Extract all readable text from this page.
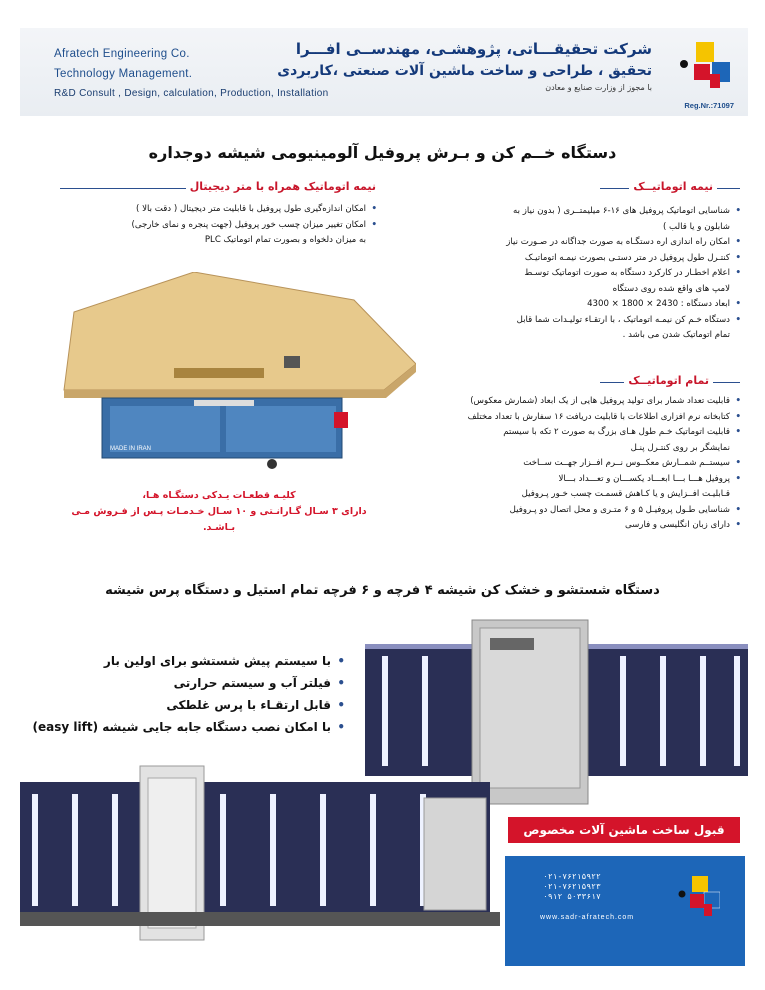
Afratech Engineering Co.
Technology Management.
R&D Consult , Design, calculation, Production, Installation
شرکت تحقیقـــاتی، پژوهشـی، مهندســی افـــرا
تحقیق ، طراحی و ساخت ماشین آلات صنعتی ،کاربردی
با مجوز از وزارت صنایع و معادن
Reg.Nr.:71097
دستگاه خــم کن و بـرش پروفیل آلومینیومی شیشه دوجداره
نیمه اتوماتیــک
• شناسایی اتوماتیک پروفیل های ۱۶-۶ میلیمتــری ( بدون نیاز به
شابلون و یا قالب )
• امکان راه اندازی اره دستگـاه به صورت جداگانه در صـورت نیاز
• کنتـرل طول پروفیل در متر دستـی بصورت نیمـه اتوماتیـک
• اعلام اخطـار در کارکرد دستگاه به صورت اتوماتیک توسـط
لامپ های واقع شده روی دستگاه
• ابعاد دستگاه : 2430 × 1800 × 4300
• دستگاه خـم کن نیمـه اتوماتیک ، با ارتقـاء تولیـدات شما قابل
تمام اتوماتیک شدن می باشد .
نیمه اتوماتیک همراه با متر دیجیتال
• امکان اندازه‌گیری طول پروفیل با قابلیت متر دیجیتال ( دقت بالا )
• امکان تغییر میزان چسب خور پروفیل (جهت پنجره و نمای خارجی)
به میزان دلخواه و بصورت تمام اتوماتیک PLC
MADE IN IRAN
کلیـه قطعـات یـدکی دستگـاه هـا،
دارای ۳ سـال گـارانـتی و ۱۰ سـال خـدمـات پـس از فـروش مـی بـاشـد.
تمام اتوماتیــک
• قابلیت تعداد شمار برای تولید پروفیل هایی از یک ابعاد (شمارش معکوس)
• کتابخانه نرم افزاری اطلاعات با قابلیت دریافت ۱۶ سفارش با تعداد مختلف
• قابلیت اتوماتیک خـم طول هـای بزرگ به صورت ۲ تکه با سیستم
نمایشگر بر روی کنتـرل پنـل
• سیستــم شمــارش معکــوس نــرم افــزار جهــت ســاخت
• پروفیل هـــا بـــا ابعـــاد یکســـان و تعـــداد بـــالا
قـابلیـت افــزایش و یا کـاهش قسمـت چسب خـور پـروفیل
• شناسایی طـول پروفیـل ۵ و ۶ متـری و محل اتصال دو پـروفیل
• دارای زبان انگلیسی و فارسی
دستگاه شستشو و خشک کن شیشه ۴ فرچه و ۶ فرچه تمام استیل و دستگاه پرس شیشه
• با سیستم پیش شستشو برای اولین بار
• فیلتر آب و سیستم حرارتی
• قابل ارتقـاء با پرس غلطکی
• با امکان نصب دستگاه جابه جایی شیشه (easy lift)
قبول ساخت ماشین آلات مخصوص
۰۲۱-۷۶۲۱۵۹۲۲
۰۲۱-۷۶۲۱۵۹۲۳
۰۹۱۲ ۵۰۳۳۶۱۷
www.sadr-afratech.com
